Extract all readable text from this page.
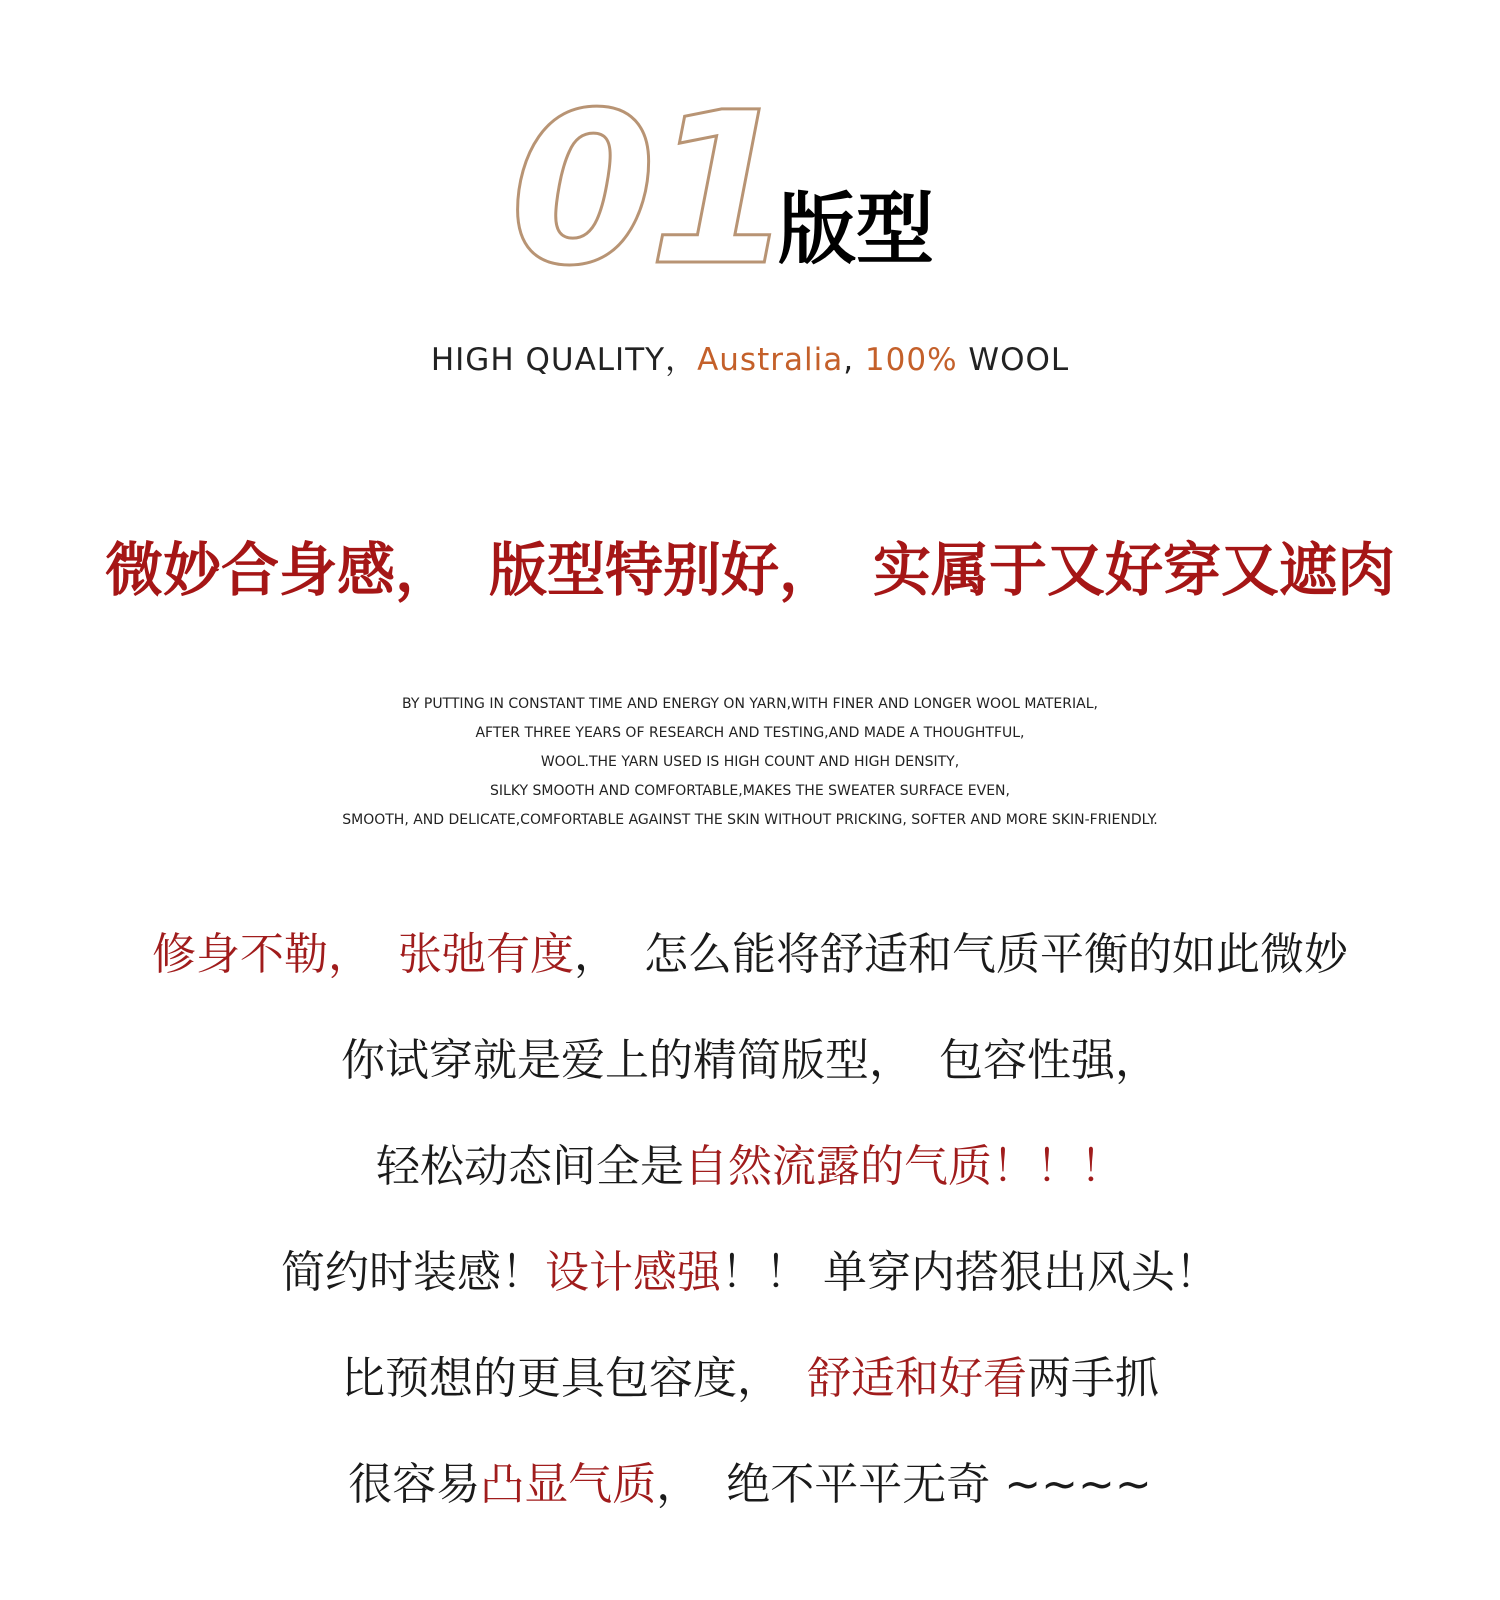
01
版型
HIGH QUALITY，Australia, 100% WOOL
微妙合身感， 版型特别好， 实属于又好穿又遮肉
BY PUTTING IN CONSTANT TIME AND ENERGY ON YARN,WITH FINER AND LONGER WOOL MATERIAL,
AFTER THREE YEARS OF RESEARCH AND TESTING,AND MADE A THOUGHTFUL,
WOOL.THE YARN USED IS HIGH COUNT AND HIGH DENSITY,
SILKY SMOOTH AND COMFORTABLE,MAKES THE SWEATER SURFACE EVEN,
SMOOTH, AND DELICATE,COMFORTABLE AGAINST THE SKIN WITHOUT PRICKING, SOFTER AND MORE SKIN-FRIENDLY.
修身不勒， 张弛有度， 怎么能将舒适和气质平衡的如此微妙
你试穿就是爱上的精简版型， 包容性强，
轻松动态间全是自然流露的气质！！！
简约时装感！设计感强！！ 单穿内搭狠出风头！
比预想的更具包容度， 舒适和好看两手抓
很容易凸显气质， 绝不平平无奇 ~~~~
